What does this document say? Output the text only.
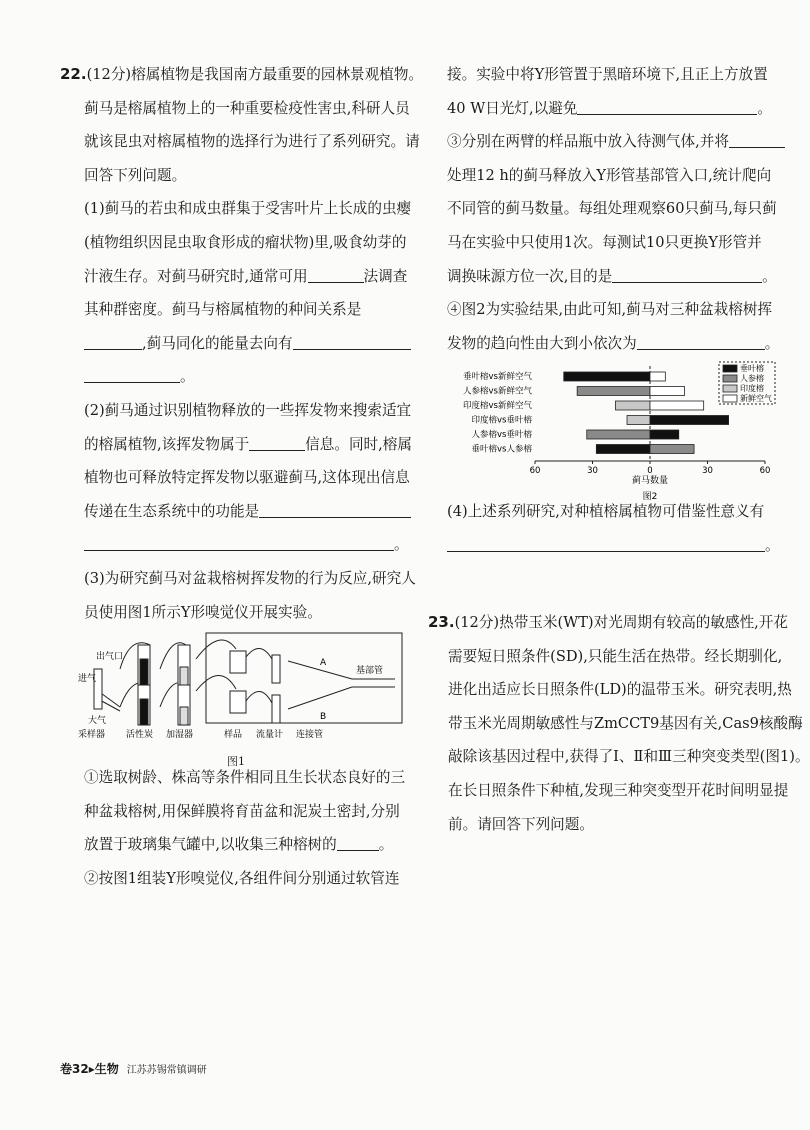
22.(12分)榕属植物是我国南方最重要的园林景观植物。
蓟马是榕属植物上的一种重要检疫性害虫,科研人员
就该昆虫对榕属植物的选择行为进行了系列研究。请
回答下列问题。
(1)蓟马的若虫和成虫群集于受害叶片上长成的虫瘿
(植物组织因昆虫取食形成的瘤状物)里,吸食幼芽的
汁液生存。对蓟马研究时,通常可用	法调查
其种群密度。蓟马与榕属植物的种间关系是
,蓟马同化的能量去向有
。
(2)蓟马通过识别植物释放的一些挥发物来搜索适宜
的榕属植物,该挥发物属于	信息。同时,榕属
植物也可释放特定挥发物以驱避蓟马,这体现出信息
传递在生态系统中的功能是
。
(3)为研究蓟马对盆栽榕树挥发物的行为反应,研究人
员使用图1所示Y形嗅觉仪开展实验。
出气口
进气
大气
采样器 活性炭 加湿器	样品 流量计 连接管
A
B
基部管
图1
①选取树龄、株高等条件相同且生长状态良好的三
种盆栽榕树,用保鲜膜将育苗盆和泥炭土密封,分别
放置于玻璃集气罐中,以收集三种榕树的	。
②按图1组装Y形嗅觉仪,各组件间分别通过软管连
接。实验中将Y形管置于黑暗环境下,且正上方放置
40 W日光灯,以避免	。
③分别在两臂的样品瓶中放入待测气体,并将
处理12 h的蓟马释放入Y形管基部管入口,统计爬向
不同管的蓟马数量。每组处理观察60只蓟马,每只蓟
马在实验中只使用1次。每测试10只更换Y形管并
调换味源方位一次,目的是	。
④图2为实验结果,由此可知,蓟马对三种盆栽榕树挥
发物的趋向性由大到小依次为	。
垂叶榕vs新鲜空气
人参榕vs新鲜空气
印度榕vs新鲜空气
印度榕vs垂叶榕
人参榕vs垂叶榕
垂叶榕vs人参榕
60	30	0	30	60
蓟马数量
图2
垂叶榕
人参榕
印度榕
新鲜空气
(4)上述系列研究,对种植榕属植物可借鉴性意义有
。
23.(12分)热带玉米(WT)对光周期有较高的敏感性,开花
需要短日照条件(SD),只能生活在热带。经长期驯化,
进化出适应长日照条件(LD)的温带玉米。研究表明,热
带玉米光周期敏感性与ZmCCT9基因有关,Cas9核酸酶
敲除该基因过程中,获得了Ⅰ、Ⅱ和Ⅲ三种突变类型(图1)。
在长日照条件下种植,发现三种突变型开花时间明显提
前。请回答下列问题。
卷32▸生物 江苏苏锡常镇调研
